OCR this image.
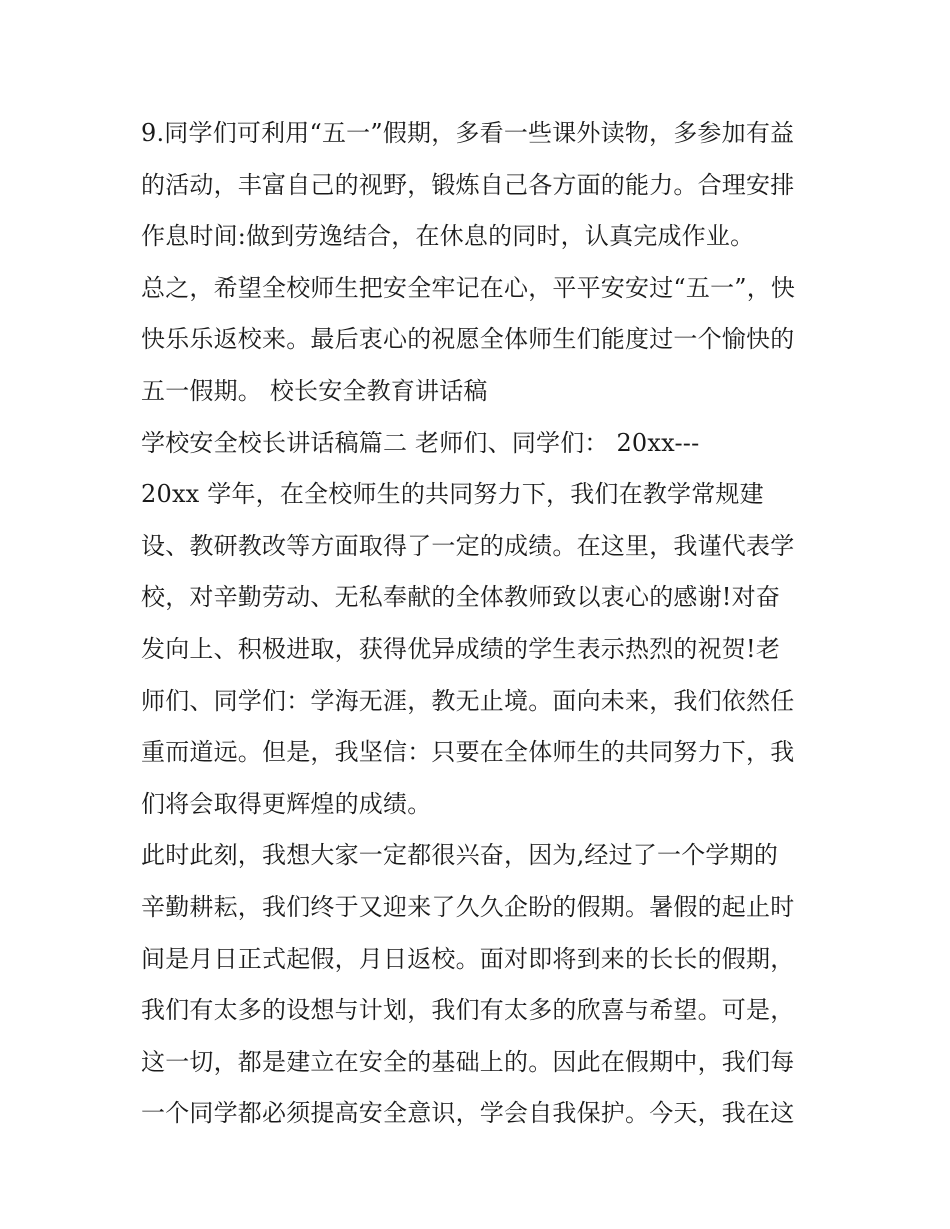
9.同学们可利用“五一”假期，多看一些课外读物，多参加有益
的活动，丰富自己的视野，锻炼自己各方面的能力。合理安排
作息时间:做到劳逸结合，在休息的同时，认真完成作业。
总之，希望全校师生把安全牢记在心，平平安安过“五一”，快
快乐乐返校来。最后衷心的祝愿全体师生们能度过一个愉快的
五一假期。 校长安全教育讲话稿
学校安全校长讲话稿篇二 老师们、同学们： 20xx---
20xx 学年，在全校师生的共同努力下，我们在教学常规建
设、教研教改等方面取得了一定的成绩。在这里，我谨代表学
校，对辛勤劳动、无私奉献的全体教师致以衷心的感谢!对奋
发向上、积极进取，获得优异成绩的学生表示热烈的祝贺!老
师们、同学们：学海无涯，教无止境。面向未来，我们依然任
重而道远。但是，我坚信：只要在全体师生的共同努力下，我
们将会取得更辉煌的成绩。
此时此刻，我想大家一定都很兴奋，因为,经过了一个学期的
辛勤耕耘，我们终于又迎来了久久企盼的假期。暑假的起止时
间是月日正式起假，月日返校。面对即将到来的长长的假期，
我们有太多的设想与计划，我们有太多的欣喜与希望。可是，
这一切，都是建立在安全的基础上的。因此在假期中，我们每
一个同学都必须提高安全意识，学会自我保护。今天，我在这
